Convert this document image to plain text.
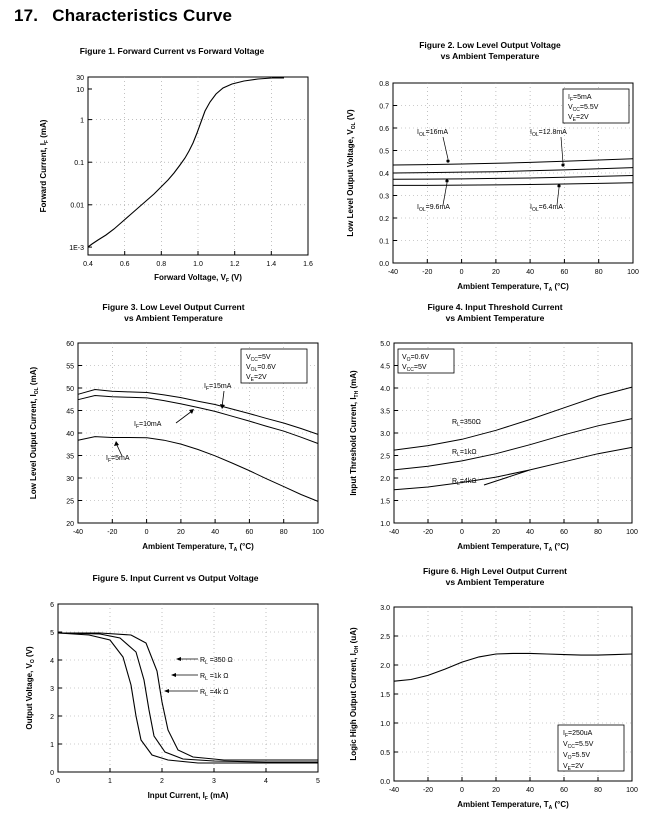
17. Characteristics Curve
Figure 1. Forward Current vs Forward Voltage
1E-3
0.01
0.1
1
10
30
0.4	0.6	0.8	1.0	1.2	1.4	1.6
Forward Voltage, $V_F$ (V)
Forward Current, $I_F$ (mA)
Figure 2. Low Level Output Voltage
vs Ambient Temperature
$I_F=5mA$
$V_{CC}=5.5V$
$V_E=2V$
$I_{OL}=16mA$	$I_{OL}=12.8mA$
$I_{OL}=9.6mA$	$I_{OL}=6.4mA$
0.0
0.1
0.2
0.3
0.4
0.5
0.6
0.7
0.8
-40	-20	0	20	40	60	80	100
Ambient Temperature, $T_A$ (°C)
Low Level Output Voltage, $V_{OL}$ (V)
Figure 3. Low Level Output Current
vs Ambient Temperature
$V_{CC}=5V$
$V_{OL}=0.6V$
$V_E=2V$
$I_F=15mA$
$I_F=10mA$
$I_F=5mA$
20
25
30
35
40
45
50
55
60
-40	-20	0	20	40	60	80	100
Ambient Temperature, $T_A$ (°C)
Low Level Output Current, $I_{OL}$ (mA)
Figure 4. Input Threshold Current
vs Ambient Temperature
$V_O=0.6V$
$V_{CC}=5V$
$R_L=350\Omega$
$R_L=1k\Omega$
$R_L=4k\Omega$
1.0
1.5
2.0
2.5
3.0
3.5
4.0
4.5
5.0
-40	-20	0	20	40	60	80	100
Ambient Temperature, $T_A$ (°C)
Input Threshold Current, $I_{TH}$ (mA)
Figure 5. Input Current vs Output Voltage
$R_L =350$ Ω
$R_L =1k$ Ω
$R_L =4k$ Ω
0
1
2
3
4
5
6
0	1	2	3	4	5
Input Current, $I_F$ (mA)
Output Voltage, $V_O$ (V)
Figure 6. High Level Output Current
vs Ambient Temperature
$I_F=250uA$
$V_{CC}=5.5V$
$V_O=5.5V$
$V_E=2V$
0.0
0.5
1.0
1.5
2.0
2.5
3.0
-40	-20	0	20	40	60	80	100
Ambient Temperature, $T_A$ (°C)
Logic High Output Current, $I_{OH}$ (uA)
